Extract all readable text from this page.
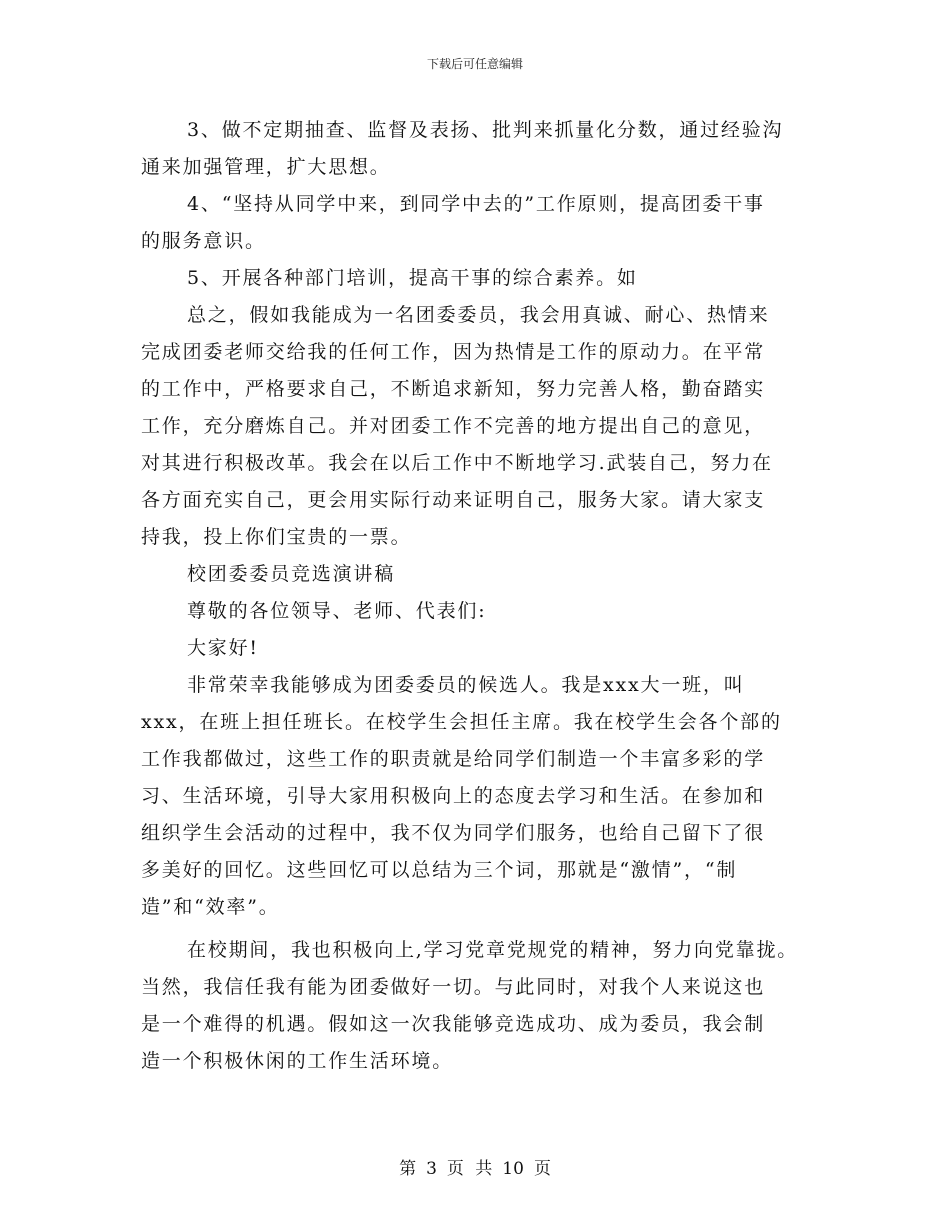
下载后可任意编辑
3、做不定期抽查、监督及表扬、批判来抓量化分数，通过经验沟
通来加强管理，扩大思想。
4、“坚持从同学中来，到同学中去的”工作原则，提高团委干事
的服务意识。
5、开展各种部门培训，提高干事的综合素养。如
总之，假如我能成为一名团委委员，我会用真诚、耐心、热情来
完成团委老师交给我的任何工作，因为热情是工作的原动力。在平常
的工作中，严格要求自己，不断追求新知，努力完善人格，勤奋踏实
工作，充分磨炼自己。并对团委工作不完善的地方提出自己的意见，
对其进行积极改革。我会在以后工作中不断地学习.武装自己，努力在
各方面充实自己，更会用实际行动来证明自己，服务大家。请大家支
持我，投上你们宝贵的一票。
校团委委员竞选演讲稿
尊敬的各位领导、老师、代表们:
大家好!
非常荣幸我能够成为团委委员的候选人。我是xxx大一班，叫
xxx，在班上担任班长。在校学生会担任主席。我在校学生会各个部的
工作我都做过，这些工作的职责就是给同学们制造一个丰富多彩的学
习、生活环境，引导大家用积极向上的态度去学习和生活。在参加和
组织学生会活动的过程中，我不仅为同学们服务，也给自己留下了很
多美好的回忆。这些回忆可以总结为三个词，那就是“激情”，“制
造”和“效率”。
在校期间，我也积极向上,学习党章党规党的精神，努力向党靠拢。
当然，我信任我有能为团委做好一切。与此同时，对我个人来说这也
是一个难得的机遇。假如这一次我能够竞选成功、成为委员，我会制
造一个积极休闲的工作生活环境。
第 3 页 共 10 页
